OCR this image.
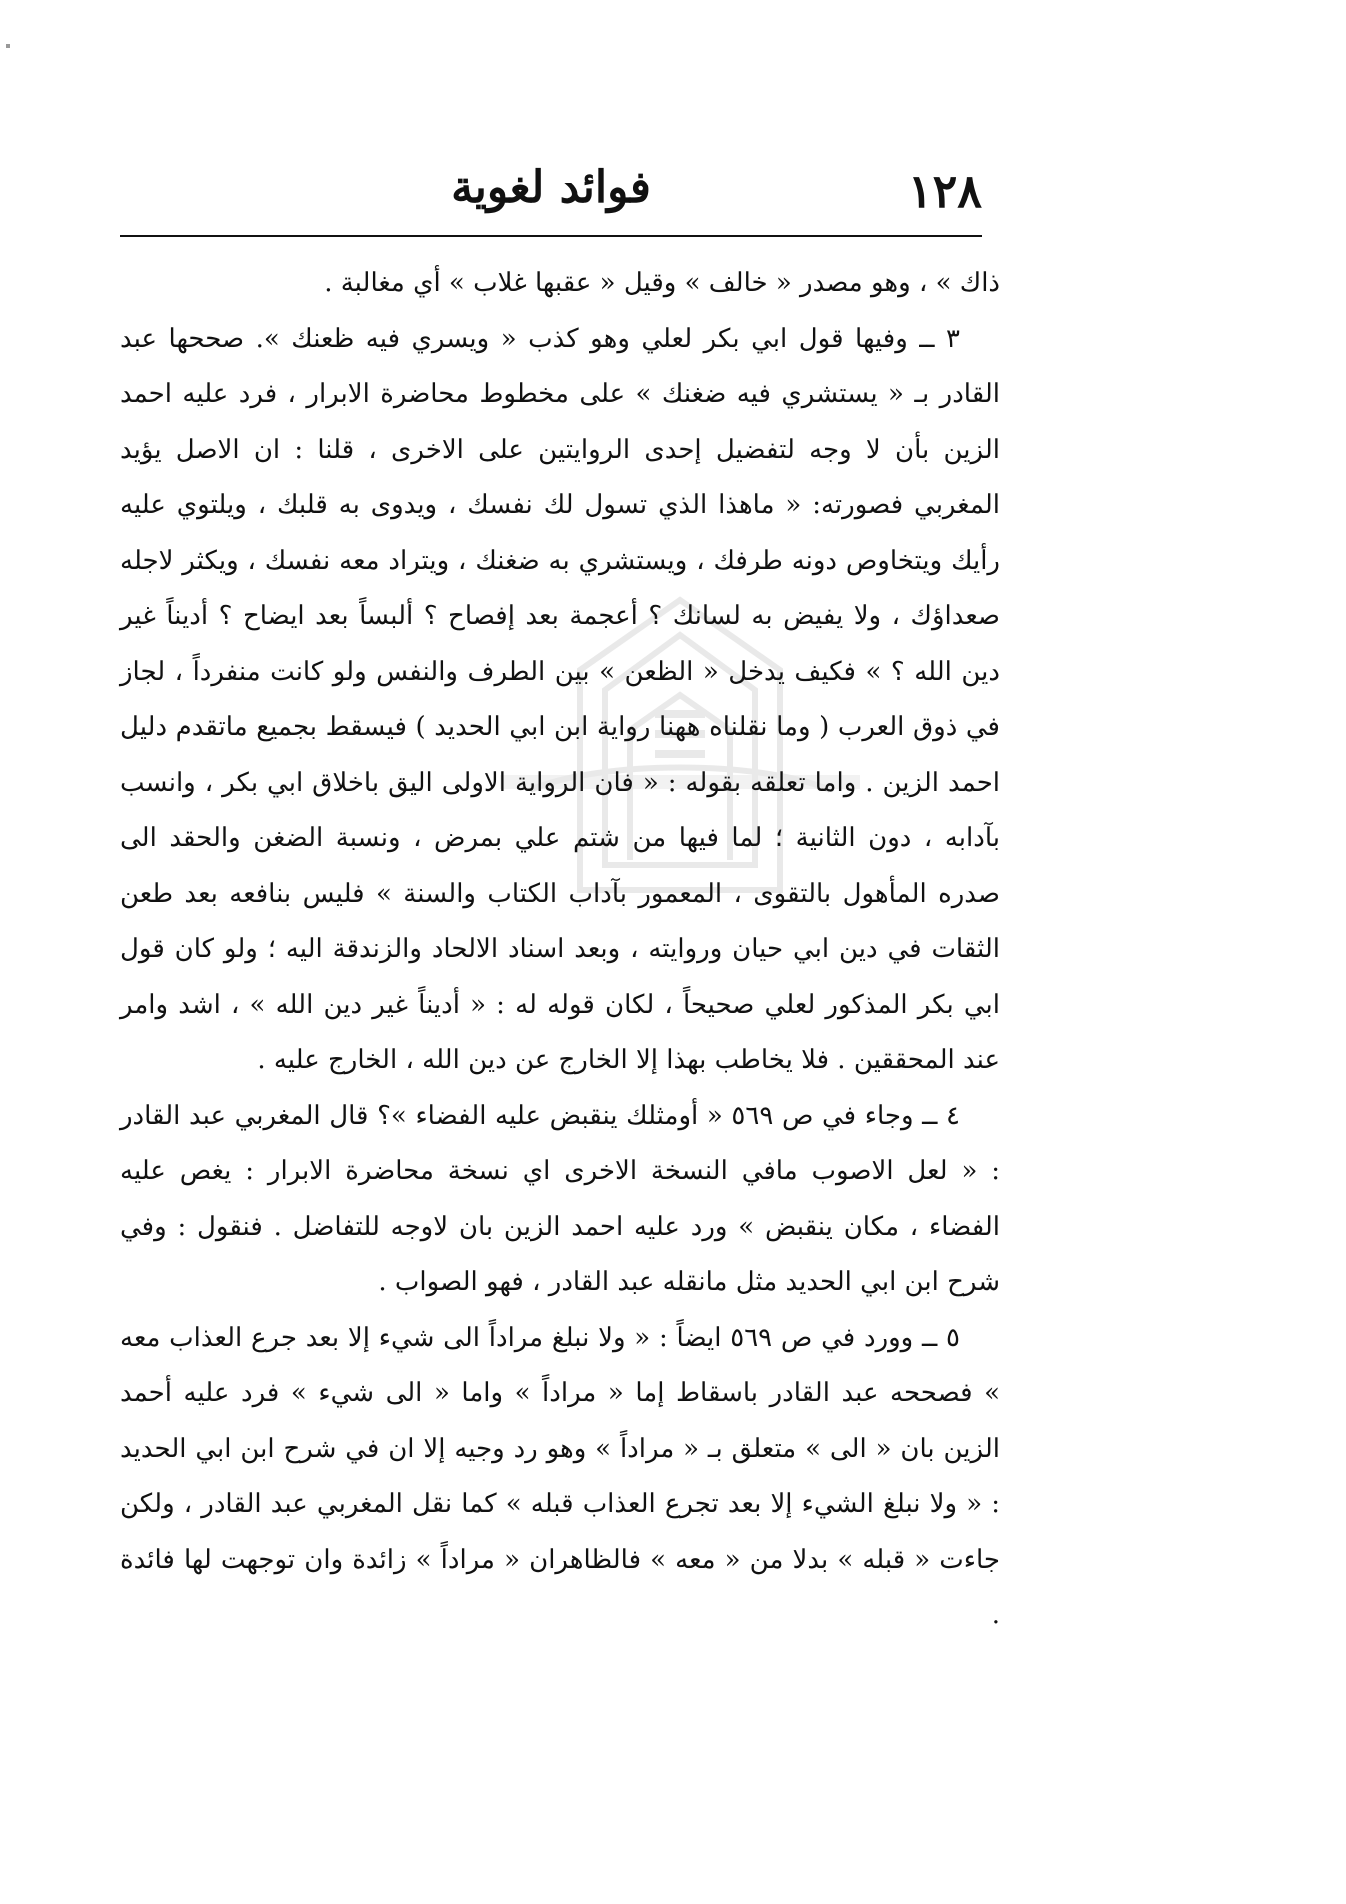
١٢٨
فوائد لغوية

ذاك » ، وهو مصدر « خالف » وقيل « عقبها غلاب » أي مغالبة .

٣ ــ وفيها قول ابي بكر لعلي وهو كذب « ويسري فيه ظعنك ». صححها عبد القادر بـ « يستشري فيه ضغنك » على مخطوط محاضرة الابرار ، فرد عليه احمد الزين بأن لا وجه لتفضيل إحدى الروايتين على الاخرى ، قلنا : ان الاصل يؤيد المغربي فصورته: « ماهذا الذي تسول لك نفسك ، ويدوى به قلبك ، ويلتوي عليه رأيك ويتخاوص دونه طرفك ، ويستشري به ضغنك ، ويتراد معه نفسك ، ويكثر لاجله صعداؤك ، ولا يفيض به لسانك ؟ أعجمة بعد إفصاح ؟ ألبساً بعد ايضاح ؟ أديناً غير دين الله ؟ » فكيف يدخل « الظعن » بين الطرف والنفس ولو كانت منفرداً ، لجاز في ذوق العرب ( وما نقلناه ههنا رواية ابن ابي الحديد ) فيسقط بجميع ماتقدم دليل احمد الزين . واما تعلقه بقوله : « فان الرواية الاولى اليق باخلاق ابي بكر ، وانسب بآدابه ، دون الثانية ؛ لما فيها من شتم علي بمرض ، ونسبة الضغن والحقد الى صدره المأهول بالتقوى ، المعمور بآداب الكتاب والسنة » فليس بنافعه بعد طعن الثقات في دين ابي حيان وروايته ، وبعد اسناد الالحاد والزندقة اليه ؛ ولو كان قول ابي بكر المذكور لعلي صحيحاً ، لكان قوله له : « أديناً غير دين الله » ، اشد وامر عند المحققين . فلا يخاطب بهذا إلا الخارج عن دين الله ، الخارج عليه .

٤ ــ وجاء في ص ٥٦٩ « أومثلك ينقبض عليه الفضاء »؟ قال المغربي عبد القادر : « لعل الاصوب مافي النسخة الاخرى اي نسخة محاضرة الابرار : يغص عليه الفضاء ، مكان ينقبض » ورد عليه احمد الزين بان لاوجه للتفاضل . فنقول : وفي شرح ابن ابي الحديد مثل مانقله عبد القادر ، فهو الصواب .

٥ ــ وورد في ص ٥٦٩ ايضاً : « ولا نبلغ مراداً الى شيء إلا بعد جرع العذاب معه » فصححه عبد القادر باسقاط إما « مراداً » واما « الى شيء » فرد عليه أحمد الزين بان « الى » متعلق بـ « مراداً » وهو رد وجيه إلا ان في شرح ابن ابي الحديد : « ولا نبلغ الشيء إلا بعد تجرع العذاب قبله » كما نقل المغربي عبد القادر ، ولكن جاءت « قبله » بدلا من « معه » فالظاهران « مراداً » زائدة وان توجهت لها فائدة .
